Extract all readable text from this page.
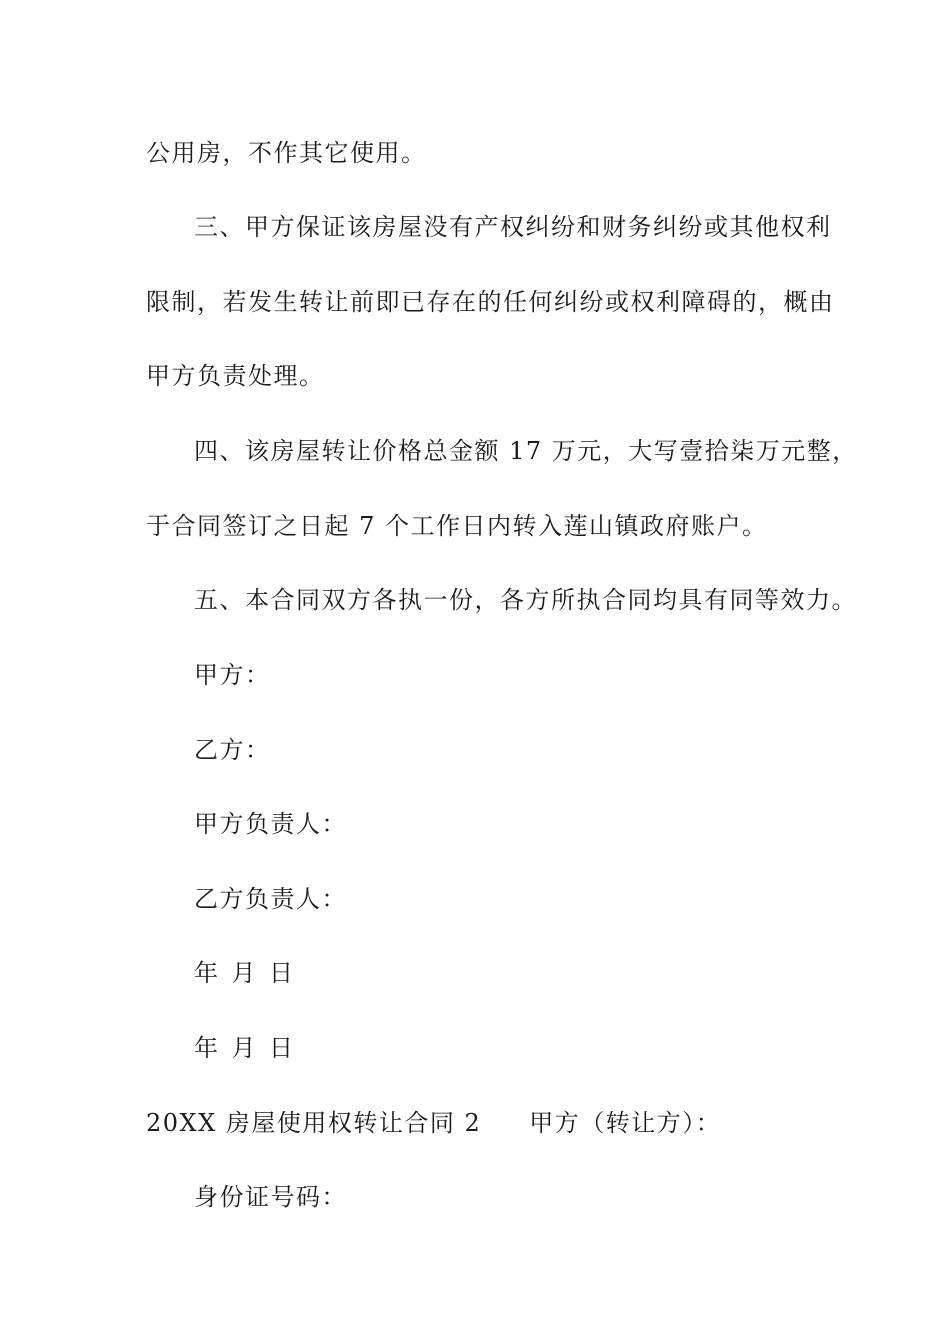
公用房，不作其它使用。
三、甲方保证该房屋没有产权纠纷和财务纠纷或其他权利
限制，若发生转让前即已存在的任何纠纷或权利障碍的，概由
甲方负责处理。
四、该房屋转让价格总金额 17 万元，大写壹拾柒万元整，
于合同签订之日起 7 个工作日内转入莲山镇政府账户。
五、本合同双方各执一份，各方所执合同均具有同等效力。
甲方：
乙方：
甲方负责人：
乙方负责人：
年 月 日
年 月 日
20XX 房屋使用权转让合同 2 甲方（转让方）：
身份证号码：
